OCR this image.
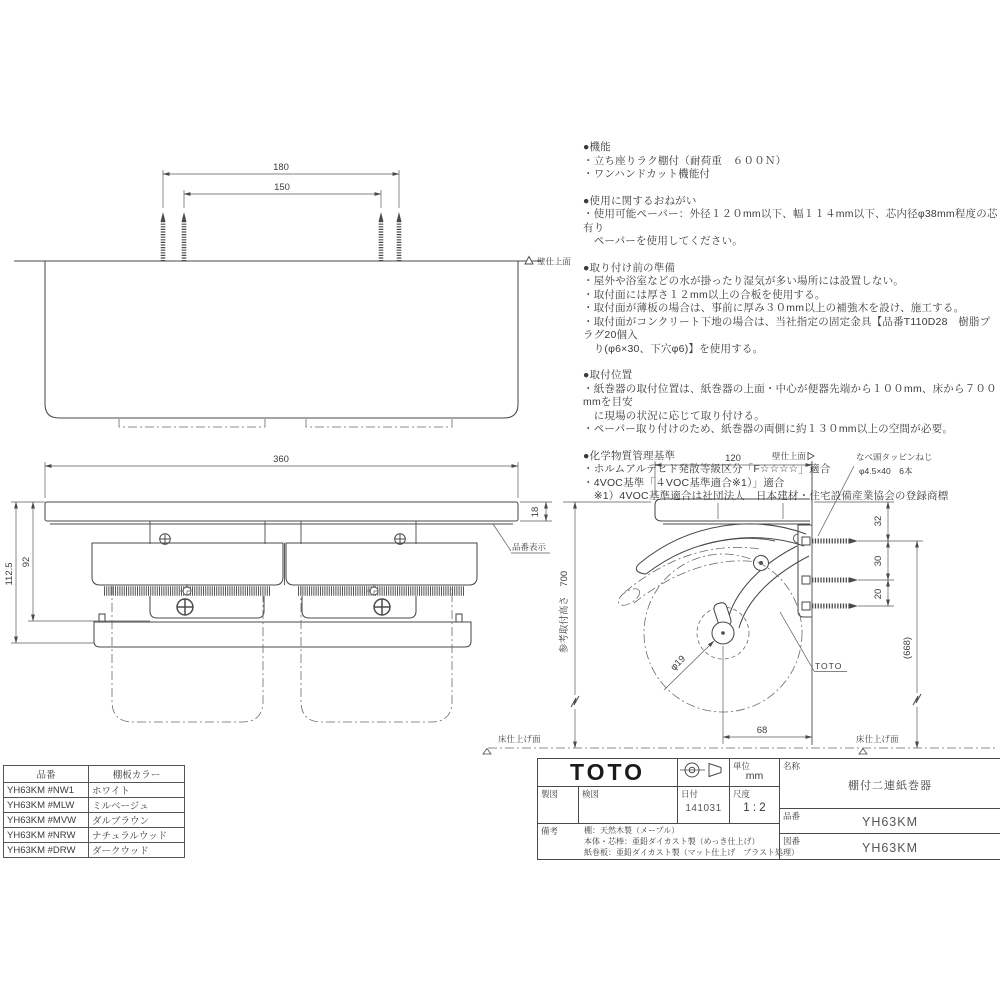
180
150
壁仕上面
360
18
品番表示
92
112.5
120	壁仕上面	なべ頭タッピンねじ
φ4.5×40　6本
φ19	TOTO
32
30
20
(668)
参考取付高さ　700
68
床仕上げ面	床仕上げ面
●機能
・立ち座りラク棚付（耐荷重　６００Ｎ）
・ワンハンドカット機能付
●使用に関するおねがい
・使用可能ペーパー：外径１２０mm以下、幅１１４mm以下、芯内径φ38mm程度の芯有り
　ペーパーを使用してください。
●取り付け前の準備
・屋外や浴室などの水が掛ったり湿気が多い場所には設置しない。
・取付面には厚さ１２mm以上の合板を使用する。
・取付面が薄板の場合は、事前に厚み３０mm以上の補強木を設け、施工する。
・取付面がコンクリート下地の場合は、当社指定の固定金具【品番T110D28　樹脂プラグ20個入
　り(φ6×30、下穴φ6)】を使用する。
●取付位置
・紙巻器の取付位置は、紙巻器の上面・中心が便器先端から１００mm、床から７００mmを目安
　に現場の状況に応じて取り付ける。
・ペーパー取り付けのため、紙巻器の両側に約１３０mm以上の空間が必要。
●化学物質管理基準
・ホルムアルデヒド発散等級区分「F☆☆☆☆」適合
・4VOC基準「４VOC基準適合※1）」適合
　※1）4VOC基準適合は社団法人　日本建材・住宅設備産業協会の登録商標
品番	棚板カラー
YH63KM #NW1	ホワイト
YH63KM #MLW	ミルベージュ
YH63KM #MVW	ダルブラウン
YH63KM #NRW	ナチュラルウッド
YH63KM #DRW	ダークウッド
TOTO	単位
mm
製図	検図	日付
141031
尺度
1 : 2
備考	棚：天然木製（メープル）
本体・芯棒：亜鉛ダイカスト製（めっき仕上げ）
紙巻板：亜鉛ダイカスト製（マット仕上げ　ブラスト処理）
名称
棚付二連紙巻器
品番	YH63KM
図番	YH63KM
